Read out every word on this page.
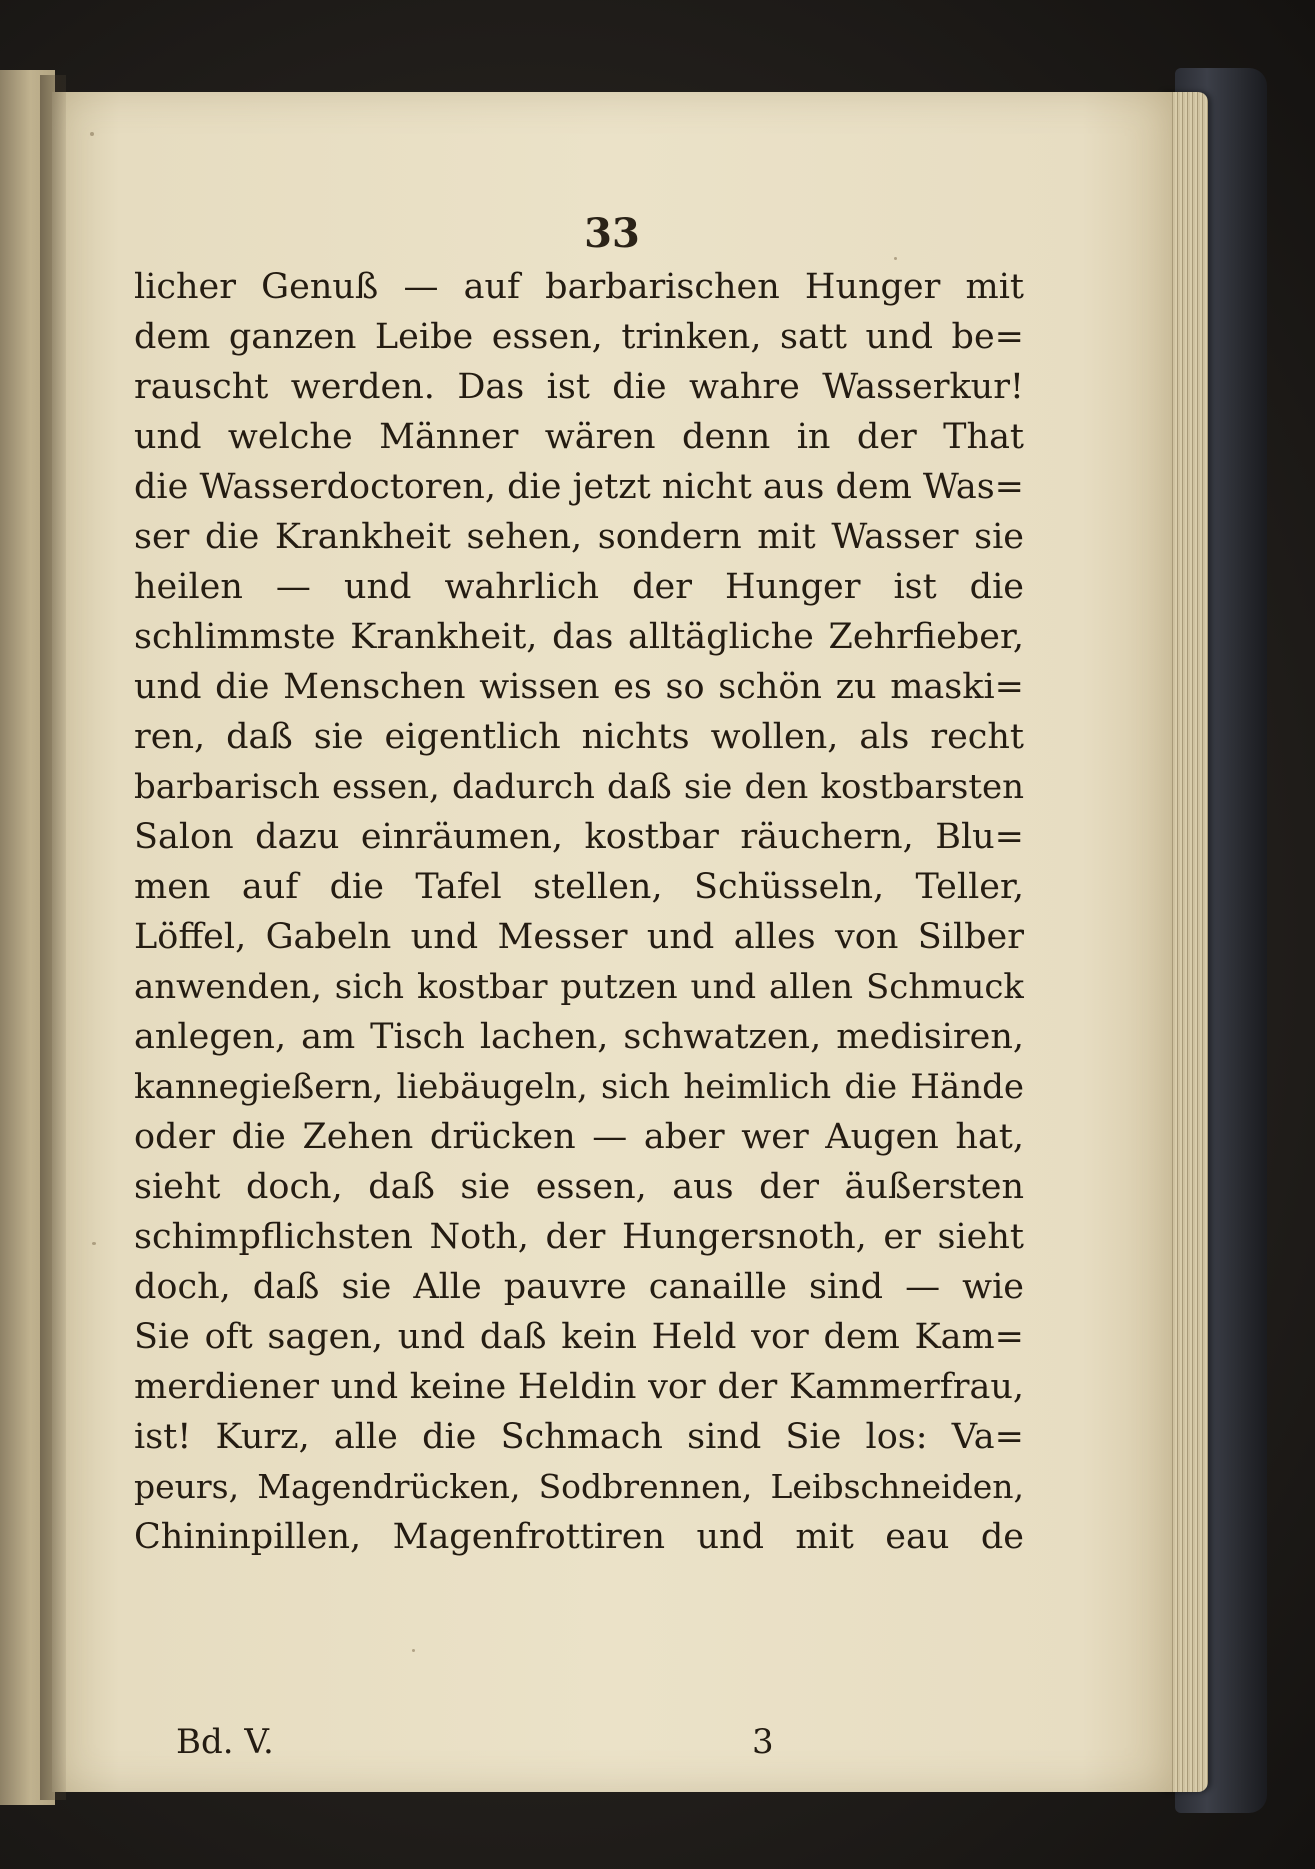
33
licher Genuß — auf barbarischen Hunger mit
dem ganzen Leibe essen, trinken, satt und be=
rauscht werden. Das ist die wahre Wasserkur!
und welche Männer wären denn in der That
die Wasserdoctoren, die jetzt nicht aus dem Was=
ser die Krankheit sehen, sondern mit Wasser sie
heilen — und wahrlich der Hunger ist die
schlimmste Krankheit, das alltägliche Zehrfieber,
und die Menschen wissen es so schön zu maski=
ren, daß sie eigentlich nichts wollen, als recht
barbarisch essen, dadurch daß sie den kostbarsten
Salon dazu einräumen, kostbar räuchern, Blu=
men auf die Tafel stellen, Schüsseln, Teller,
Löffel, Gabeln und Messer und alles von Silber
anwenden, sich kostbar putzen und allen Schmuck
anlegen, am Tisch lachen, schwatzen, medisiren,
kannegießern, liebäugeln, sich heimlich die Hände
oder die Zehen drücken — aber wer Augen hat,
sieht doch, daß sie essen, aus der äußersten
schimpflichsten Noth, der Hungersnoth, er sieht
doch, daß sie Alle pauvre canaille sind — wie
Sie oft sagen, und daß kein Held vor dem Kam=
merdiener und keine Heldin vor der Kammerfrau,
ist! Kurz, alle die Schmach sind Sie los: Va=
peurs, Magendrücken, Sodbrennen, Leibschneiden,
Chininpillen, Magenfrottiren und mit eau de
Bd. V.	3
